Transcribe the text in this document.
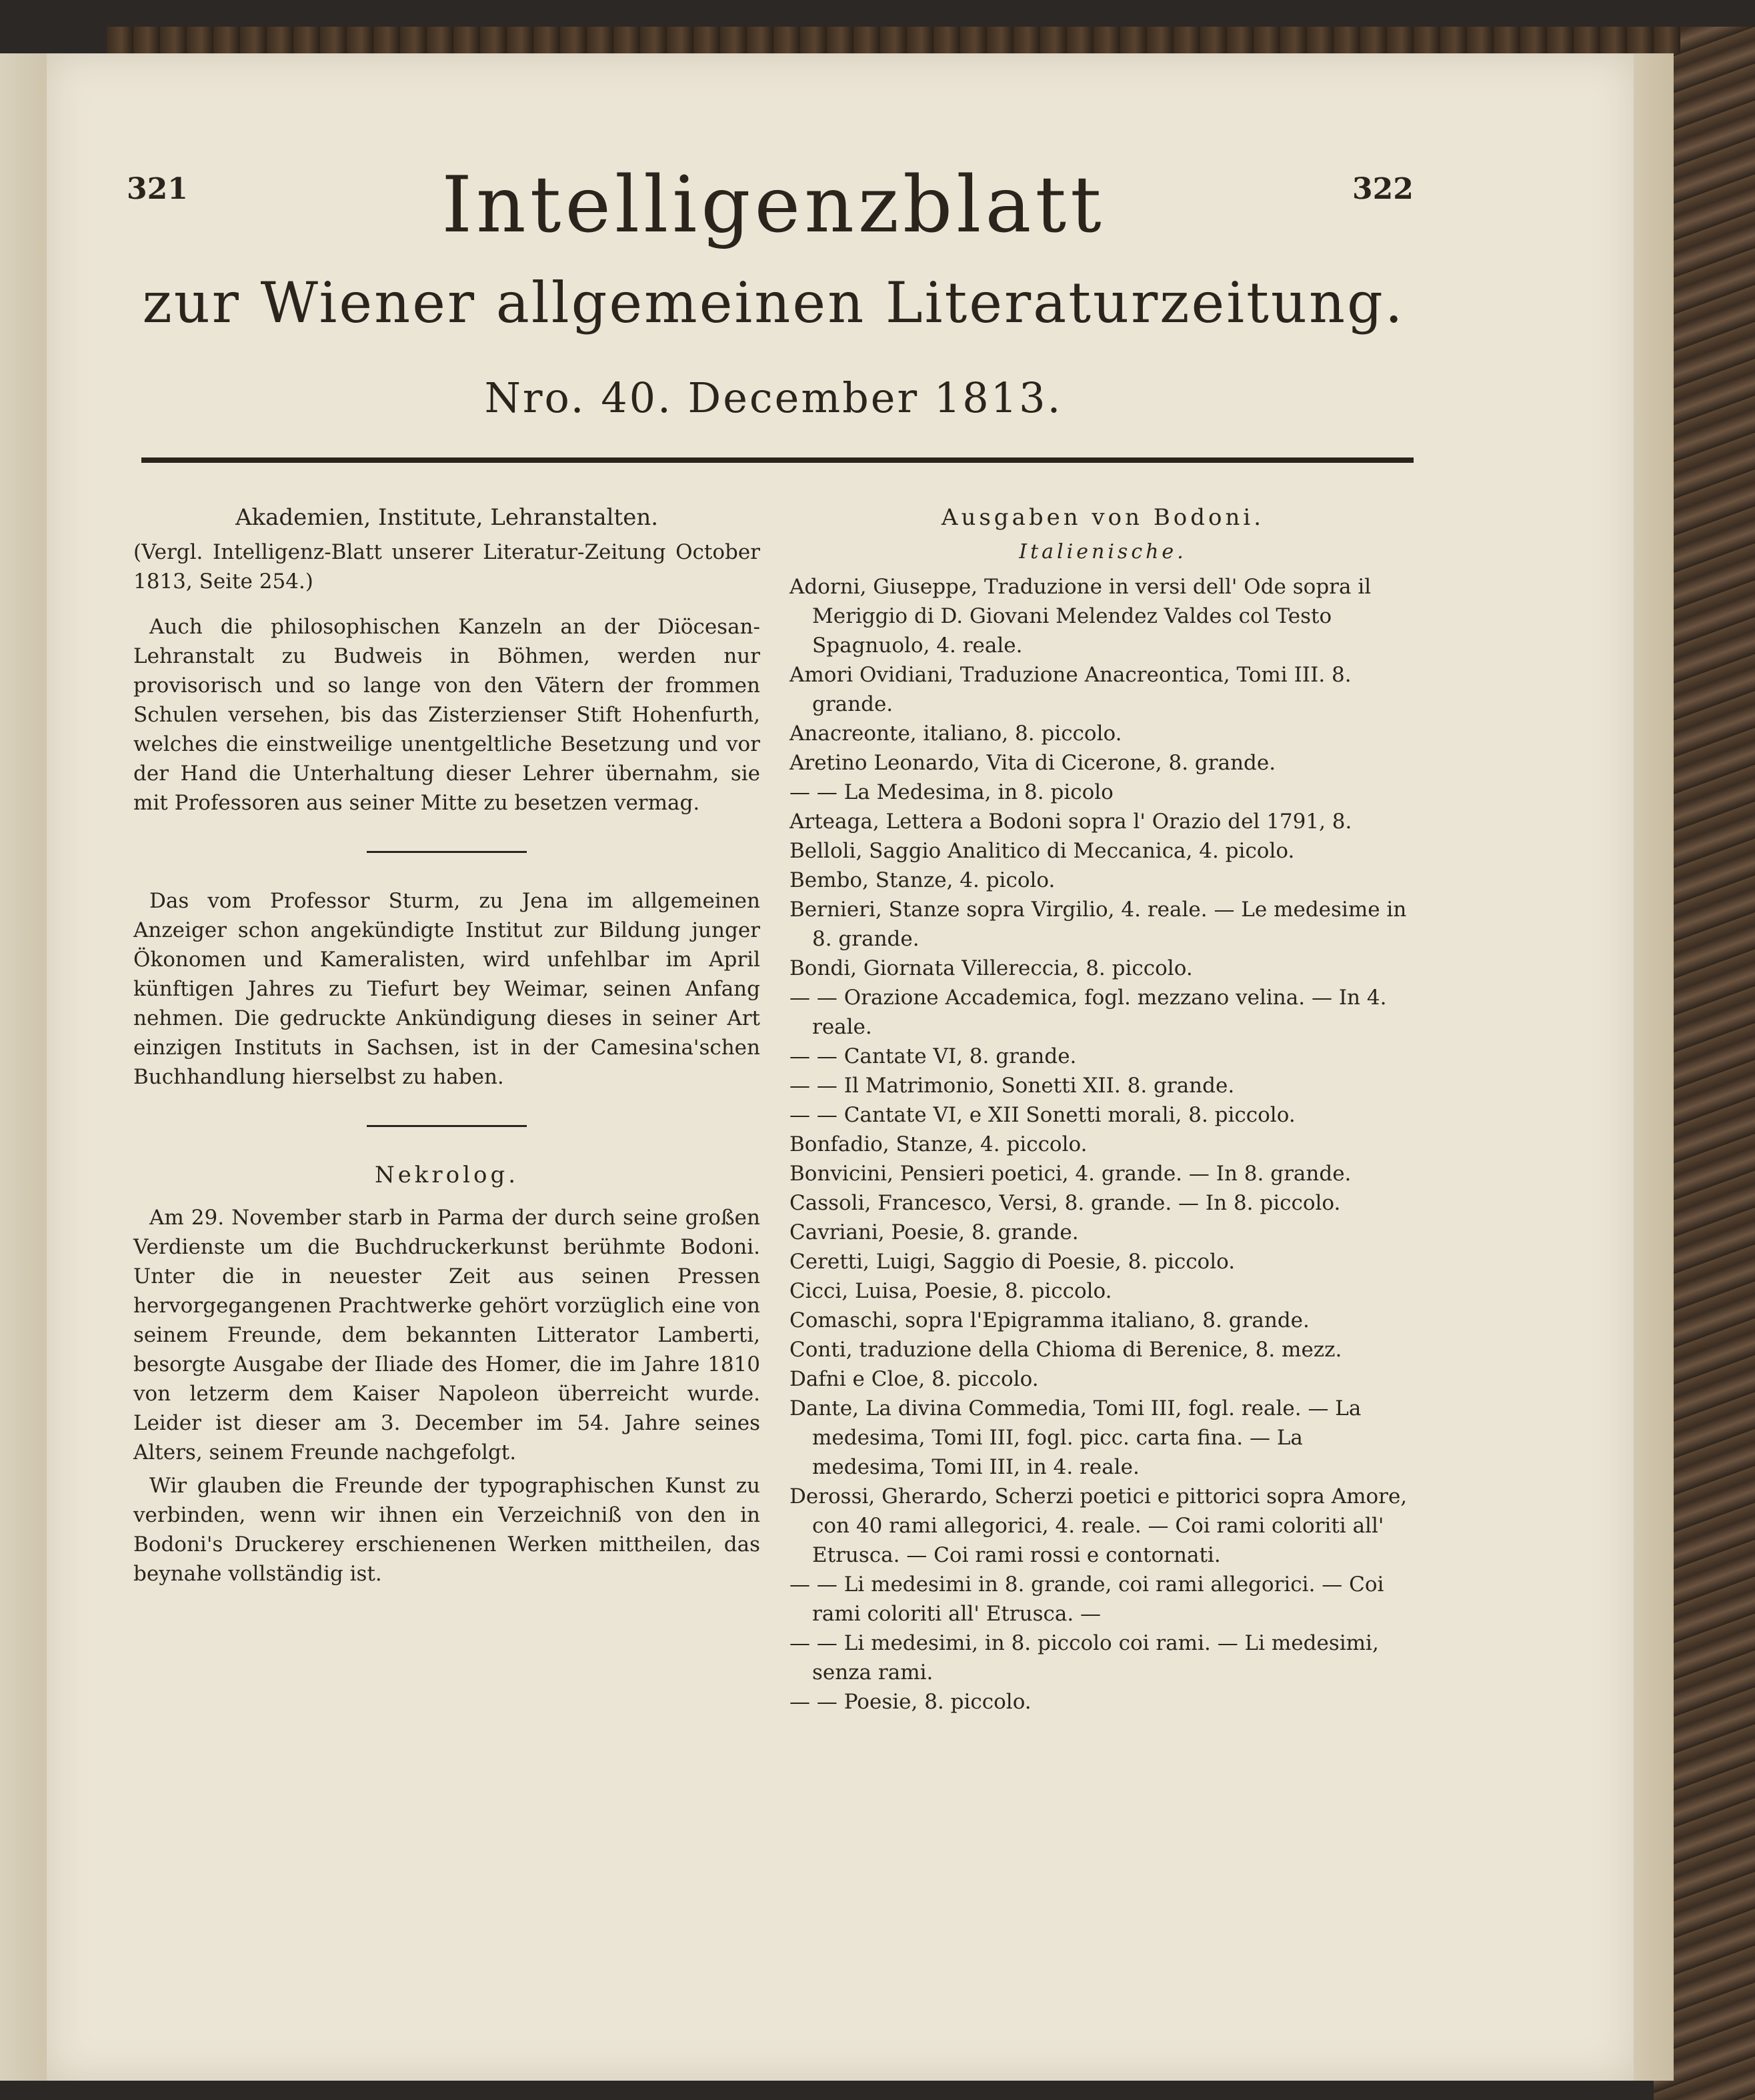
321	322
Intelligenzblatt
zur Wiener allgemeinen Literaturzeitung.
Nro. 40. December 1813.
Akademien, Institute, Lehranstalten.

(Vergl. Intelligenz-Blatt unserer Literatur-Zeitung October 1813, Seite 254.)

Auch die philosophischen Kanzeln an der Diöcesan-Lehranstalt zu Budweis in Böhmen, werden nur provisorisch und so lange von den Vätern der frommen Schulen versehen, bis das Zisterzienser Stift Hohenfurth, welches die einstweilige unentgeltliche Besetzung und vor der Hand die Unterhaltung dieser Lehrer übernahm, sie mit Professoren aus seiner Mitte zu besetzen vermag.

Das vom Professor Sturm, zu Jena im allgemeinen Anzeiger schon angekündigte Institut zur Bildung junger Ökonomen und Kameralisten, wird unfehlbar im April künftigen Jahres zu Tiefurt bey Weimar, seinen Anfang nehmen. Die gedruckte Ankündigung dieses in seiner Art einzigen Instituts in Sachsen, ist in der Camesina'schen Buchhandlung hierselbst zu haben.

Nekrolog.

Am 29. November starb in Parma der durch seine großen Verdienste um die Buchdruckerkunst berühmte Bodoni. Unter die in neuester Zeit aus seinen Pressen hervorgegangenen Prachtwerke gehört vorzüglich eine von seinem Freunde, dem bekannten Litterator Lamberti, besorgte Ausgabe der Iliade des Homer, die im Jahre 1810 von letzerm dem Kaiser Napoleon überreicht wurde. Leider ist dieser am 3. December im 54. Jahre seines Alters, seinem Freunde nachgefolgt.

Wir glauben die Freunde der typographischen Kunst zu verbinden, wenn wir ihnen ein Verzeichniß von den in Bodoni's Druckerey erschienenen Werken mittheilen, das beynahe vollständig ist.

Ausgaben von Bodoni.
Italienische.

Adorni, Giuseppe, Traduzione in versi dell' Ode sopra il Meriggio di D. Giovani Melendez Valdes col Testo Spagnuolo, 4. reale.

Amori Ovidiani, Traduzione Anacreontica, Tomi III. 8. grande.

Anacreonte, italiano, 8. piccolo.

Aretino Leonardo, Vita di Cicerone, 8. grande.

— — La Medesima, in 8. picolo

Arteaga, Lettera a Bodoni sopra l' Orazio del 1791, 8.

Belloli, Saggio Analitico di Meccanica, 4. picolo.

Bembo, Stanze, 4. picolo.

Bernieri, Stanze sopra Virgilio, 4. reale. — Le medesime in 8. grande.

Bondi, Giornata Villereccia, 8. piccolo.

— — Orazione Accademica, fogl. mezzano velina. — In 4. reale.

— — Cantate VI, 8. grande.

— — Il Matrimonio, Sonetti XII. 8. grande.

— — Cantate VI, e XII Sonetti morali, 8. piccolo.

Bonfadio, Stanze, 4. piccolo.

Bonvicini, Pensieri poetici, 4. grande. — In 8. grande.

Cassoli, Francesco, Versi, 8. grande. — In 8. piccolo.

Cavriani, Poesie, 8. grande.

Ceretti, Luigi, Saggio di Poesie, 8. piccolo.

Cicci, Luisa, Poesie, 8. piccolo.

Comaschi, sopra l'Epigramma italiano, 8. grande.

Conti, traduzione della Chioma di Berenice, 8. mezz.

Dafni e Cloe, 8. piccolo.

Dante, La divina Commedia, Tomi III, fogl. reale. — La medesima, Tomi III, fogl. picc. carta fina. — La medesima, Tomi III, in 4. reale.

Derossi, Gherardo, Scherzi poetici e pittorici sopra Amore, con 40 rami allegorici, 4. reale. — Coi rami coloriti all' Etrusca. — Coi rami rossi e contornati.

— — Li medesimi in 8. grande, coi rami allegorici. — Coi rami coloriti all' Etrusca. —

— — Li medesimi, in 8. piccolo coi rami. — Li medesimi, senza rami.

— — Poesie, 8. piccolo.
